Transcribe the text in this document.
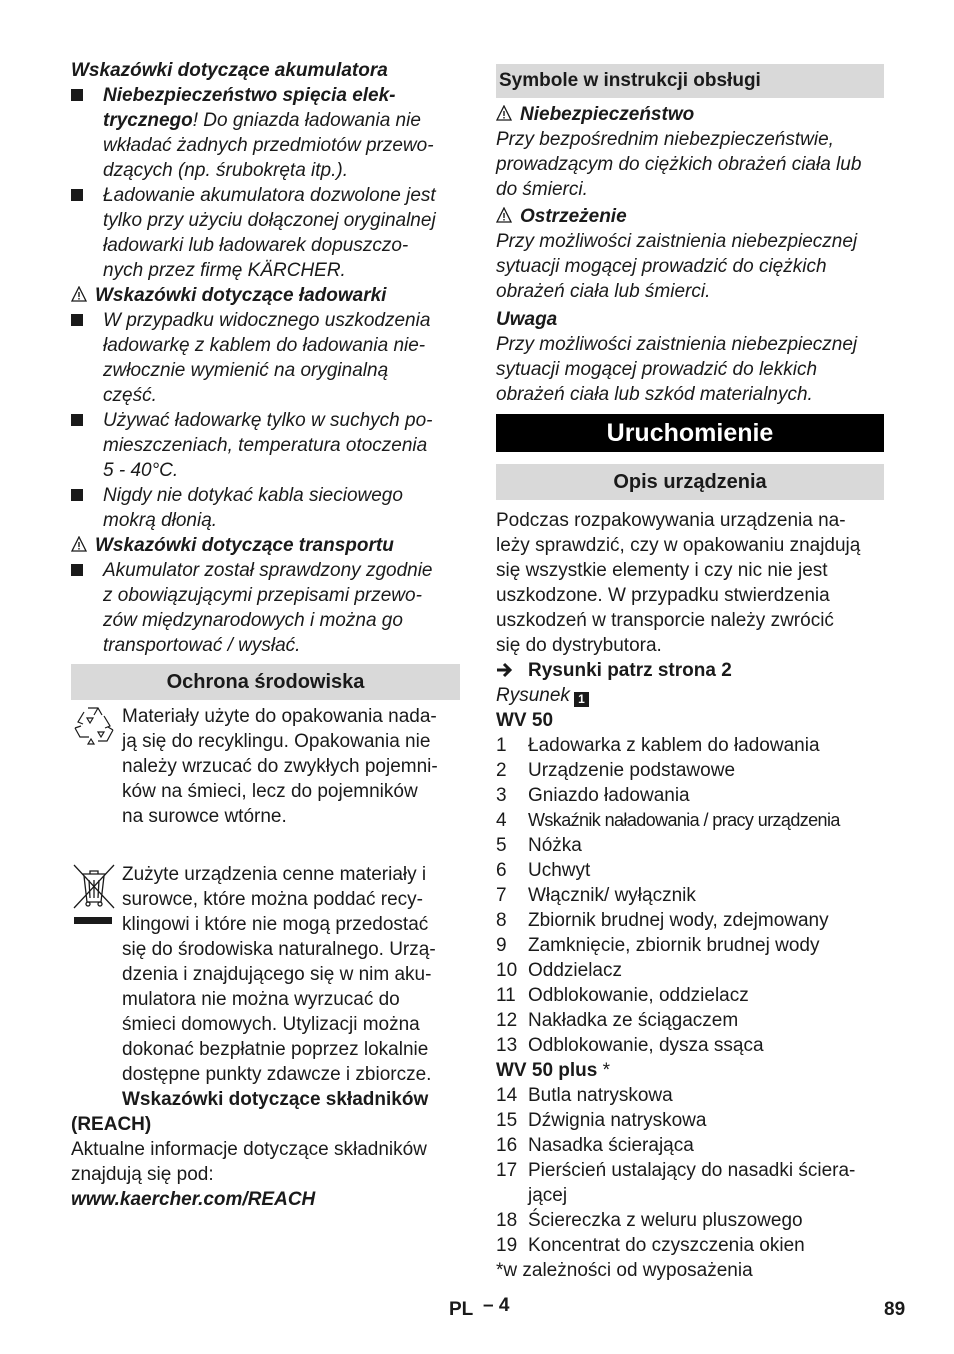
Wskazówki dotyczące akumulatora

Niebezpieczeństwo spięcia elek-
trycznego! Do gniazda ładowania nie
wkładać żadnych przedmiotów przewo-
dzących (np. śrubokręta itp.).
Ładowanie akumulatora dozwolone jest
tylko przy użyciu dołączonej oryginalnej
ładowarki lub ładowarek dopuszczo-
nych przez firmę KÄRCHER.

Wskazówki dotyczące ładowarki

W przypadku widocznego uszkodzenia
ładowarkę z kablem do ładowania nie-
zwłocznie wymienić na oryginalną
część.
Używać ładowarkę tylko w suchych po-
mieszczeniach, temperatura otoczenia
5 - 40°C.
Nigdy nie dotykać kabla sieciowego
mokrą dłonią.

Wskazówki dotyczące transportu

Akumulator został sprawdzony zgodnie
z obowiązującymi przepisami przewo-
zów międzynarodowych i można go
transportować / wysłać.
Ochrona środowiska
Materiały użyte do opakowania nada-
ją się do recyklingu. Opakowania nie
należy wrzucać do zwykłych pojemni-
ków na śmieci, lecz do pojemników
na surowce wtórne.
Zużyte urządzenia cenne materiały i
surowce, które można poddać recy-
klingowi i które nie mogą przedostać
się do środowiska naturalnego. Urzą-
dzenia i znajdującego się w nim aku-
mulatora nie można wyrzucać do
śmieci domowych. Utylizacji można
dokonać bezpłatnie poprzez lokalnie
dostępne punkty zdawcze i zbiorcze.

Wskazówki dotyczące składników

(REACH)

Aktualne informacje dotyczące składników
znajdują się pod:

www.kaercher.com/REACH

Symbole w instrukcji obsługi

Niebezpieczeństwo

Przy bezpośrednim niebezpieczeństwie,
prowadzącym do ciężkich obrażeń ciała lub
do śmierci.

Ostrzeżenie

Przy możliwości zaistnienia niebezpiecznej
sytuacji mogącej prowadzić do ciężkich
obrażeń ciała lub śmierci.

Uwaga

Przy możliwości zaistnienia niebezpiecznej
sytuacji mogącej prowadzić do lekkich
obrażeń ciała lub szkód materialnych.

Uruchomienie
Opis urządzenia

Podczas rozpakowywania urządzenia na-
leży sprawdzić, czy w opakowaniu znajdują
się wszystkie elementy i czy nic nie jest
uszkodzone. W przypadku stwierdzenia
uszkodzeń w transporcie należy zwrócić
się do dystrybutora.

Rysunki patrz strona 2

Rysunek 1

WV 50

1	Ładowarka z kablem do ładowania
2	Urządzenie podstawowe
3	Gniazdo ładowania
4	Wskaźnik naładowania / pracy urządzenia
5	Nóżka
6	Uchwyt
7	Włącznik/ wyłącznik
8	Zbiornik brudnej wody, zdejmowany
9	Zamknięcie, zbiornik brudnej wody
10 Oddzielacz
11 Odblokowanie, oddzielacz
12 Nakładka ze ściągaczem
13 Odblokowanie, dysza ssąca

WV 50 plus *

14 Butla natryskowa
15 Dźwignia natryskowa
16 Nasadka ścierająca
17 Pierścień ustalający do nasadki ściera-
jącej
18 Ściereczka z weluru pluszowego
19 Koncentrat do czyszczenia okien

*w zależności od wyposażenia

PL – 4	89
